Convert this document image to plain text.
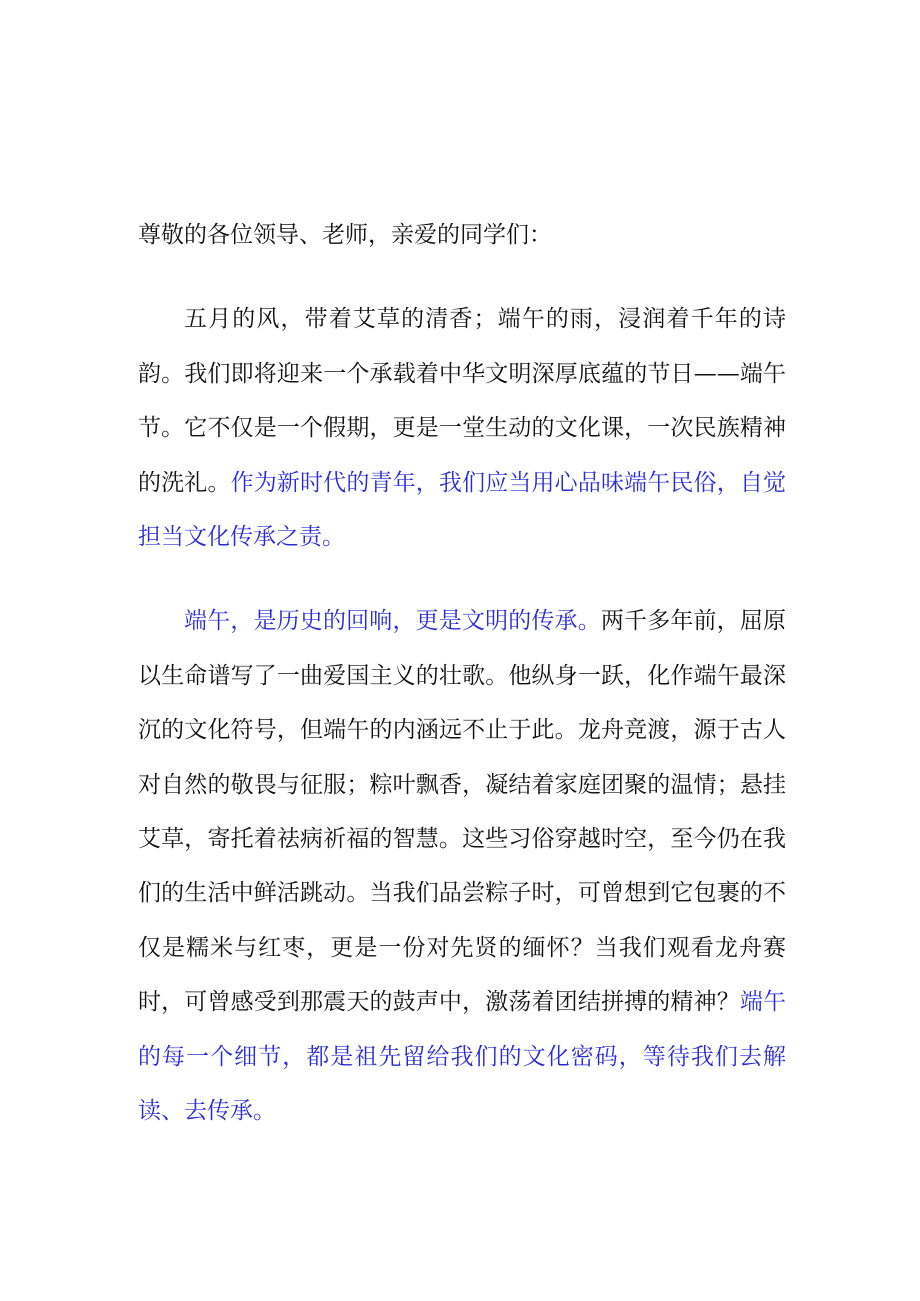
尊敬的各位领导、老师，亲爱的同学们：

五月的风，带着艾草的清香；端午的雨，浸润着千年的诗韵。我们即将迎来一个承载着中华文明深厚底蕴的节日——端午节。它不仅是一个假期，更是一堂生动的文化课，一次民族精神的洗礼。作为新时代的青年，我们应当用心品味端午民俗，自觉担当文化传承之责。

端午，是历史的回响，更是文明的传承。两千多年前，屈原以生命谱写了一曲爱国主义的壮歌。他纵身一跃，化作端午最深沉的文化符号，但端午的内涵远不止于此。龙舟竞渡，源于古人对自然的敬畏与征服；粽叶飘香，凝结着家庭团聚的温情；悬挂艾草，寄托着祛病祈福的智慧。这些习俗穿越时空，至今仍在我们的生活中鲜活跳动。当我们品尝粽子时，可曾想到它包裹的不仅是糯米与红枣，更是一份对先贤的缅怀？当我们观看龙舟赛时，可曾感受到那震天的鼓声中，激荡着团结拼搏的精神？端午的每一个细节，都是祖先留给我们的文化密码，等待我们去解读、去传承。
